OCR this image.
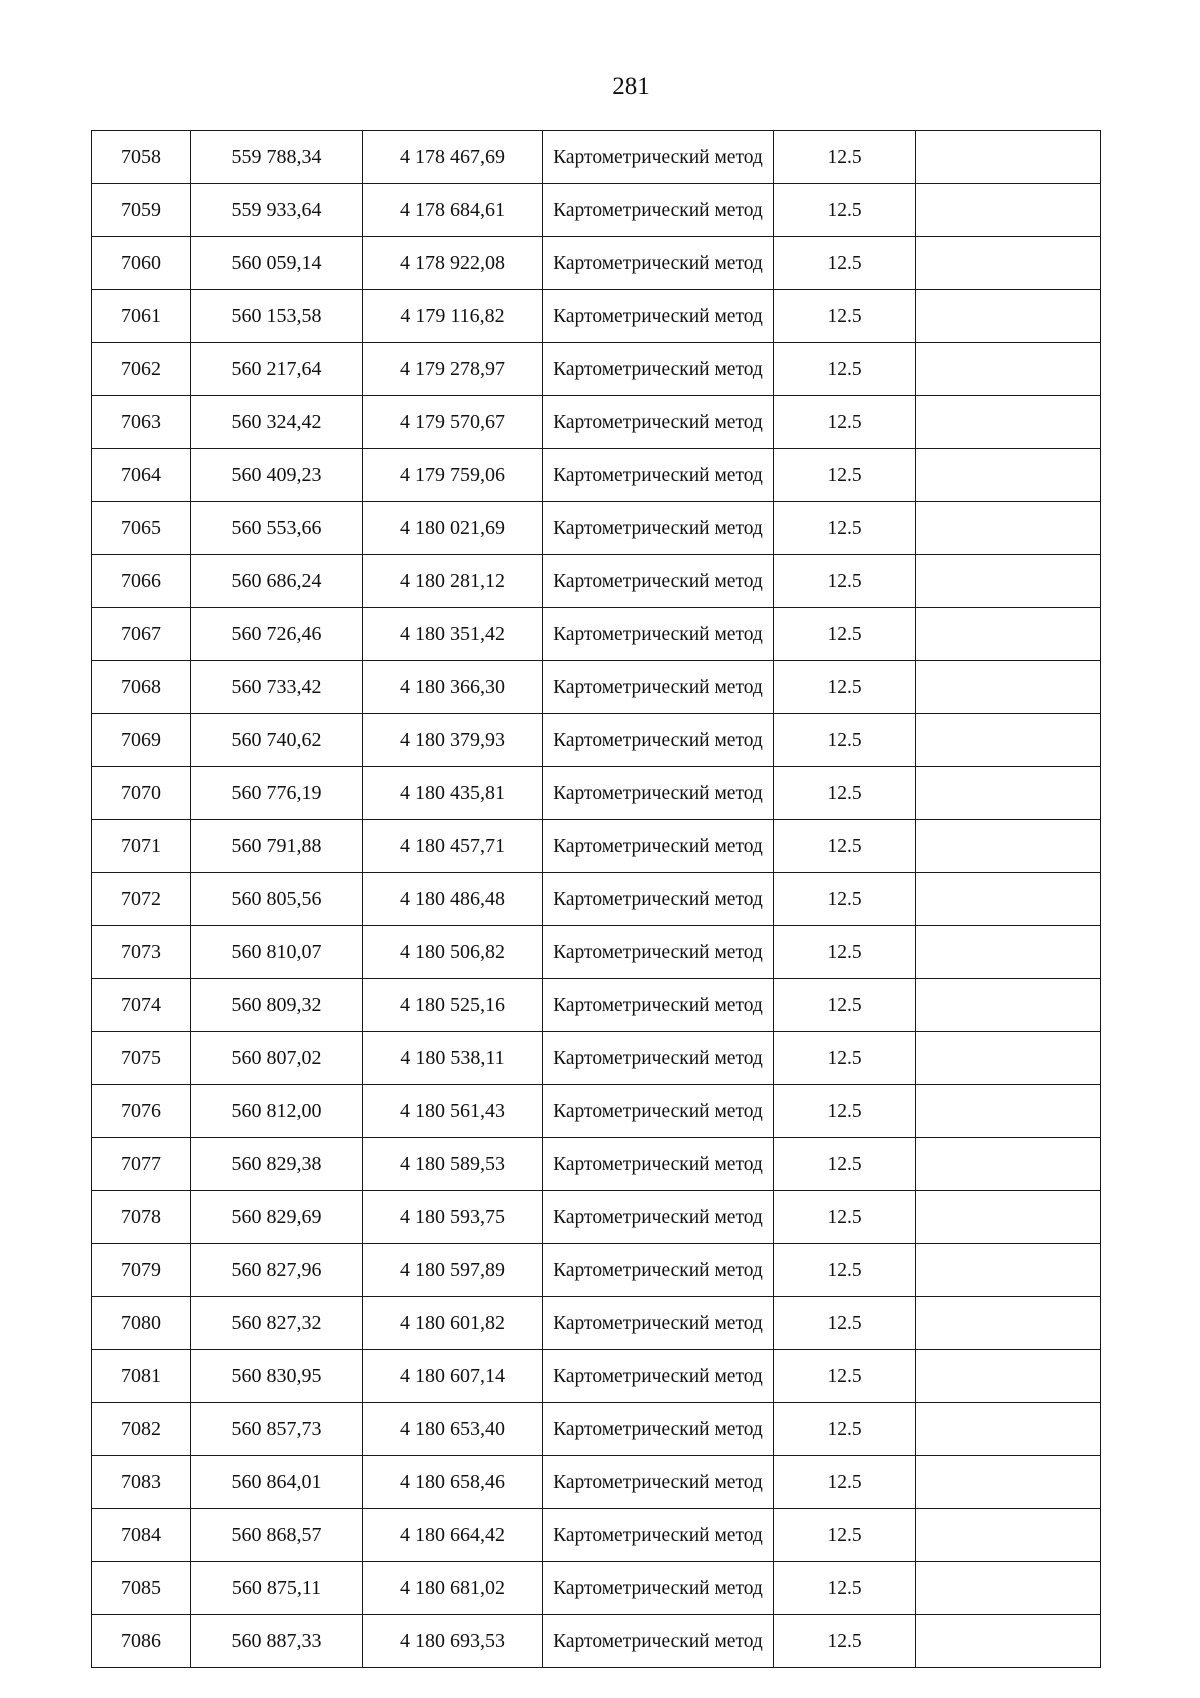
281
7058	559 788,34	4 178 467,69	Картометрический метод	12.5	

7059	559 933,64	4 178 684,61	Картометрический метод	12.5	

7060	560 059,14	4 178 922,08	Картометрический метод	12.5	

7061	560 153,58	4 179 116,82	Картометрический метод	12.5	

7062	560 217,64	4 179 278,97	Картометрический метод	12.5	

7063	560 324,42	4 179 570,67	Картометрический метод	12.5	

7064	560 409,23	4 179 759,06	Картометрический метод	12.5	

7065	560 553,66	4 180 021,69	Картометрический метод	12.5	

7066	560 686,24	4 180 281,12	Картометрический метод	12.5	

7067	560 726,46	4 180 351,42	Картометрический метод	12.5	

7068	560 733,42	4 180 366,30	Картометрический метод	12.5	

7069	560 740,62	4 180 379,93	Картометрический метод	12.5	

7070	560 776,19	4 180 435,81	Картометрический метод	12.5	

7071	560 791,88	4 180 457,71	Картометрический метод	12.5	

7072	560 805,56	4 180 486,48	Картометрический метод	12.5	

7073	560 810,07	4 180 506,82	Картометрический метод	12.5	

7074	560 809,32	4 180 525,16	Картометрический метод	12.5	

7075	560 807,02	4 180 538,11	Картометрический метод	12.5	

7076	560 812,00	4 180 561,43	Картометрический метод	12.5	

7077	560 829,38	4 180 589,53	Картометрический метод	12.5	

7078	560 829,69	4 180 593,75	Картометрический метод	12.5	

7079	560 827,96	4 180 597,89	Картометрический метод	12.5	

7080	560 827,32	4 180 601,82	Картометрический метод	12.5	

7081	560 830,95	4 180 607,14	Картометрический метод	12.5	

7082	560 857,73	4 180 653,40	Картометрический метод	12.5	

7083	560 864,01	4 180 658,46	Картометрический метод	12.5	

7084	560 868,57	4 180 664,42	Картометрический метод	12.5	

7085	560 875,11	4 180 681,02	Картометрический метод	12.5	

7086	560 887,33	4 180 693,53	Картометрический метод	12.5	
